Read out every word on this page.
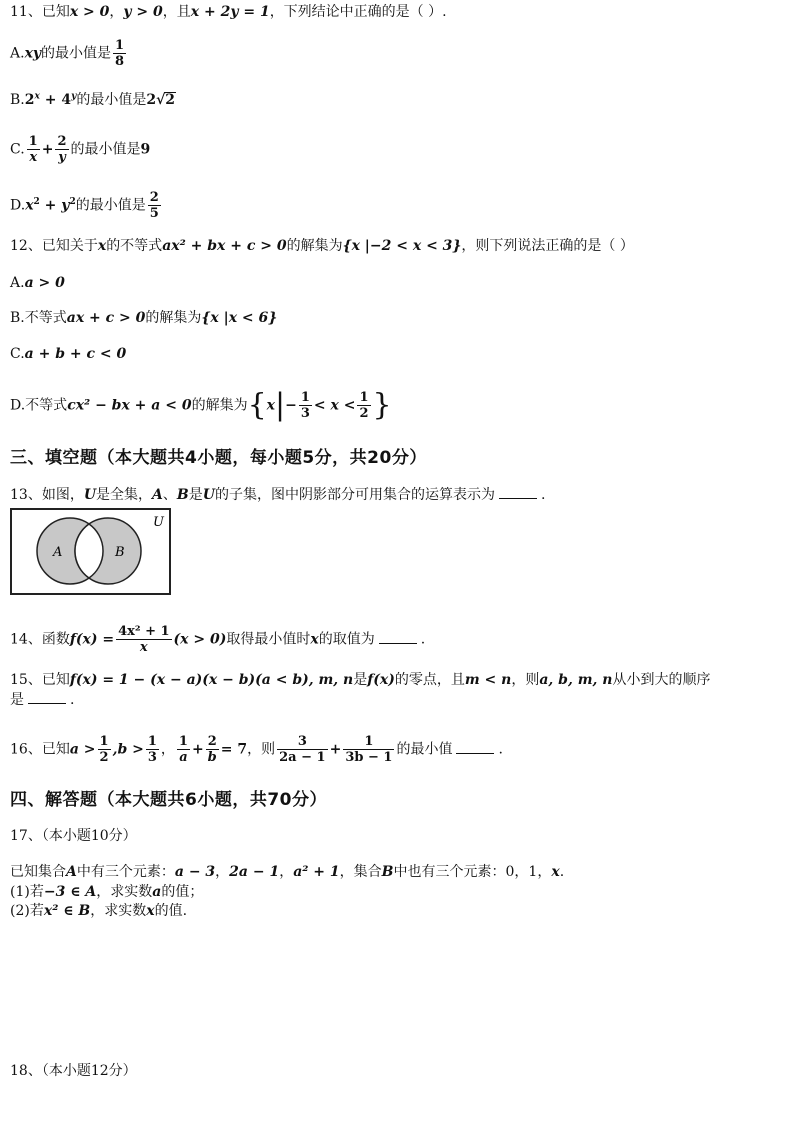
11、已知x > 0，y > 0，且x + 2y = 1，下列结论中正确的是（ ）.
A.xy的最小值是 $\frac{1}{8}$
$B.2^x + 4^y$的最小值是2√2
C. $\frac{1}{x} + \frac{2}{y}$ 的最小值是9
$D.x^2 + y^2$的最小值是 $\frac{2}{5}$
12、已知关于x的不等式ax² + bx + c > 0的解集为{x |−2 < x < 3}，则下列说法正确的是（ ）
A.a > 0
B.不等式ax + c > 0的解集为{x |x < 6}
C.a + b + c < 0
D.不等式cx² − bx + a < 0的解集为{$x|- \frac{1}{3} < x < \frac{1}{2}$ }
三、填空题（本大题共4小题，每小题5分，共20分）
13、如图，U是全集，A、B是U的子集，图中阴影部分可用集合的运算表示为	.
U
A	B
14、函数$f(x) = \frac{\text{4x² + 1}}{x} (x > 0)$取得最小值时x的取值为	.
15、已知f(x) = 1 − (x − a)(x − b)(a < b), m, n是f(x)的零点，且m < n，则a, b, m, n从小到大的顺序
是	.
16、已知$a > \frac{1}{2} ,b > \frac{1}{3}$ ， $\frac{1}{a} + \frac{2}{b} = 7$，则 $\frac{3}{2a - 1} + \frac{1}{3b - 1}$ 的最小值	.
四、解答题（本大题共6小题，共70分）
17、（本小题10分）
已知集合A中有三个元素：a − 3，2a − 1，a² + 1，集合B中也有三个元素：0，1，x.
(1)若−3 ∈ A，求实数a的值；
(2)若x² ∈ B，求实数x的值.
18、（本小题12分）
